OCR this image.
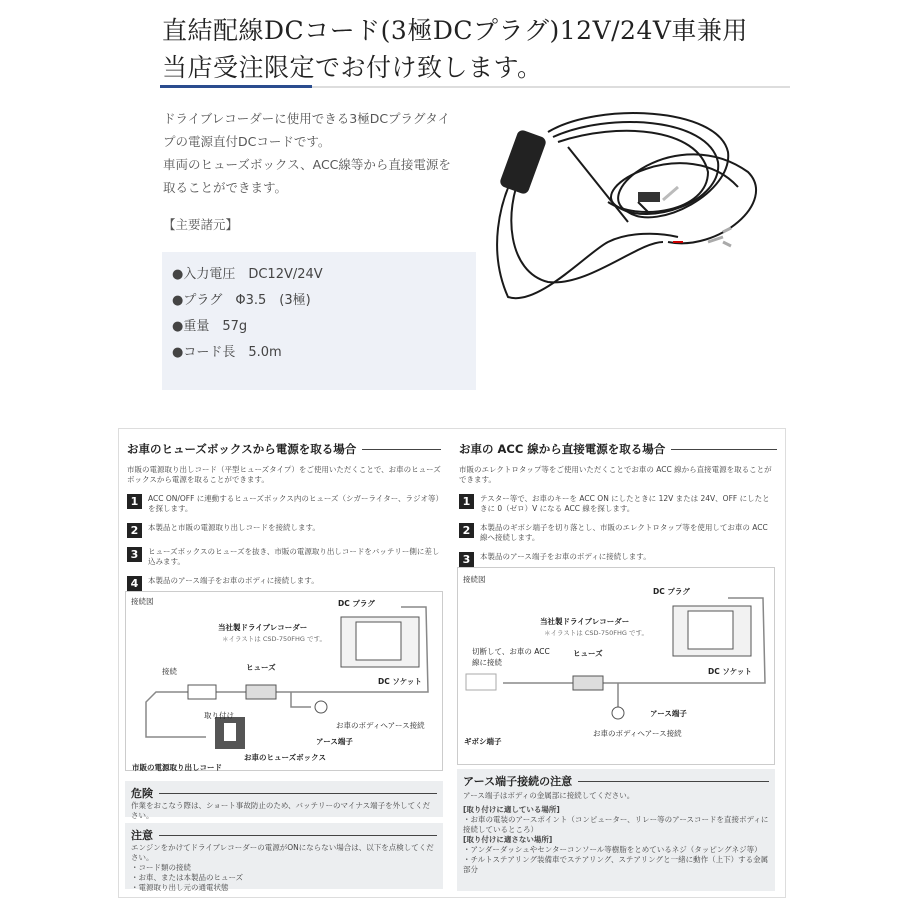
直結配線DCコード(3極DCプラグ)12V/24V車兼用
当店受注限定でお付け致します。
ドライブレコーダーに使用できる3極DCプラグタイ
プの電源直付DCコードです。
車両のヒューズボックス、ACC線等から直接電源を
取ることができます。
【主要諸元】
●入力電圧　DC12V/24V
●プラグ　Φ3.5　(3極)
●重量　57g
●コード長　5.0m
お車のヒューズボックスから電源を取る場合
市販の電源取り出しコード（平型ヒューズタイプ）をご使用いただくことで、お車のヒューズボックスから電源を取ることができます。
1	ACC ON/OFF に連動するヒューズボックス内のヒューズ（シガーライター、ラジオ等）を探します。
2	本製品と市販の電源取り出しコードを接続します。
3	ヒューズボックスのヒューズを抜き、市販の電源取り出しコードをバッテリー側に差し込みます。
4	本製品のアース端子をお車のボディに接続します。
接続図	DC プラグ
当社製ドライブレコーダー
＊イラストは CSD-750FHG です。
DC ソケット
ヒューズ
接続
取り付け
お車のボディへアース接続
アース端子
お車のヒューズボックス
市販の電源取り出しコード
危険
作業をおこなう際は、ショート事故防止のため、バッテリーのマイナス端子を外してください。
注意
エンジンをかけてドライブレコーダーの電源がONにならない場合は、以下を点検してください。
・コード類の接続
・お車、または本製品のヒューズ
・電源取り出し元の通電状態
お車の ACC 線から直接電源を取る場合
市販のエレクトロタップ等をご使用いただくことでお車の ACC 線から直接電源を取ることができます。
1	テスター等で、お車のキーを ACC ON にしたときに 12V または 24V、OFF にしたときに 0（ゼロ）V になる ACC 線を探します。
2	本製品のギボシ端子を切り落とし、市販のエレクトロタップ等を使用してお車の ACC 線へ接続します。
3	本製品のアース端子をお車のボディに接続します。
接続図
DC プラグ
当社製ドライブレコーダー
＊イラストは CSD-750FHG です。
DC ソケット
ヒューズ
切断して、お車の ACC 線に接続
アース端子
お車のボディへアース接続
ギボシ端子
アース端子接続の注意
アース端子はボディの金属部に接続してください。
[取り付けに適している場所]
・お車の電装のアースポイント（コンピューター、リレー等のアースコードを直接ボディに接続しているところ）
[取り付けに適さない場所]
・アンダーダッシュやセンターコンソール等樹脂をとめているネジ（タッピングネジ等）
・チルトステアリング装備車でステアリング、ステアリングと一緒に動作（上下）する金属部分
